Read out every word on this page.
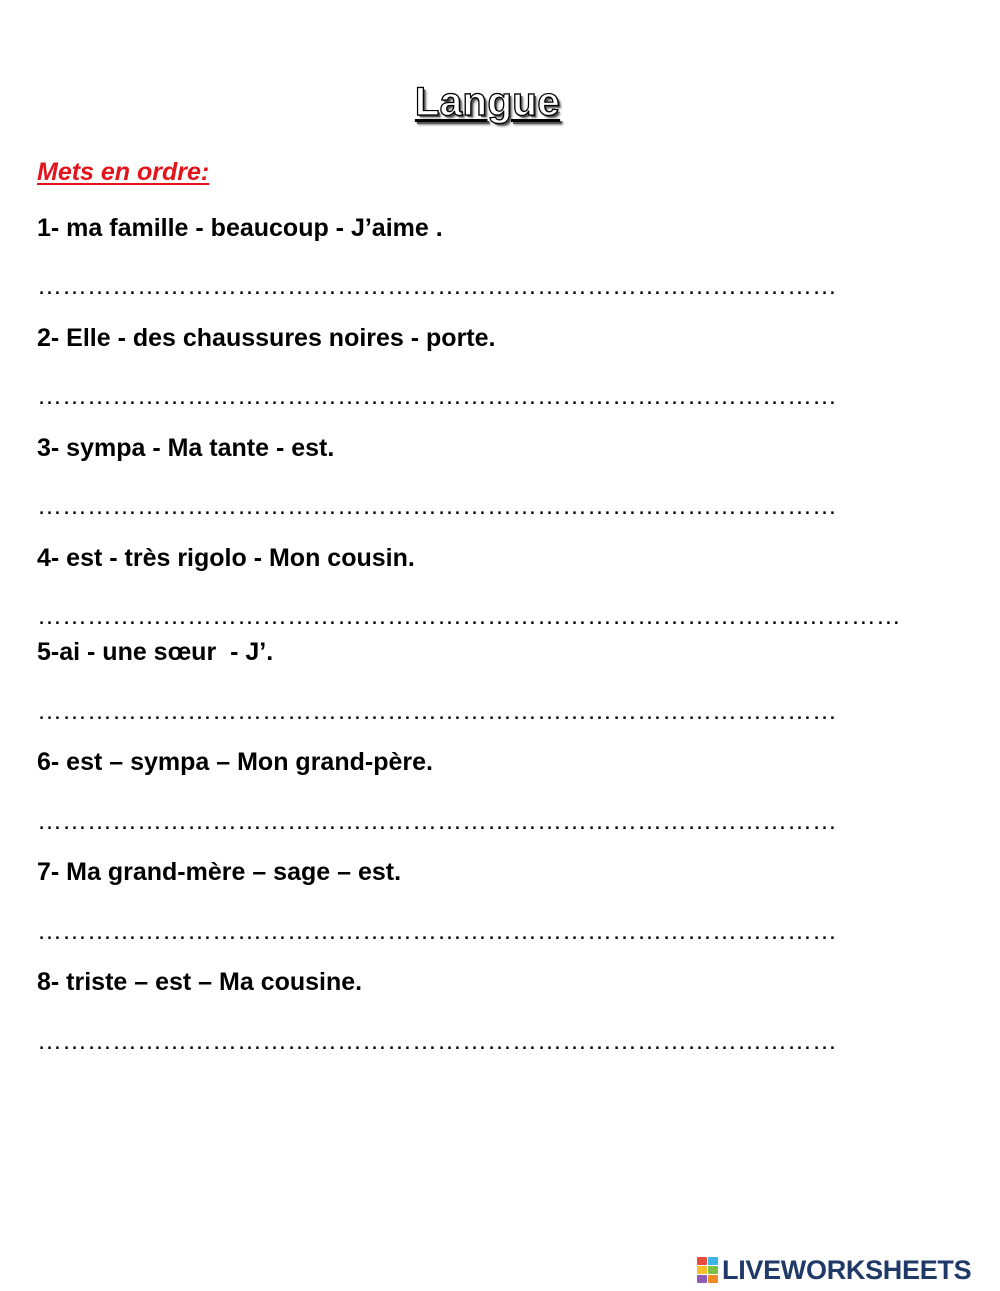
Langue
Mets en ordre:
1- ma famille - beaucoup - J’aime .
……………………………………………………………………………………
2- Elle - des chaussures noires - porte.
……………………………………………………………………………………
3- sympa - Ma tante - est.
……………………………………………………………………………………
4- est - très rigolo - Mon cousin.
………………………………………………………………………………..…………
5-ai - une sœur  - J’.
……………………………………………………………………………………
6- est – sympa – Mon grand-père.
……………………………………………………………………………………
7- Ma grand-mère – sage – est.
……………………………………………………………………………………
8- triste – est – Ma cousine.
……………………………………………………………………………………
LIVEWORKSHEETS
